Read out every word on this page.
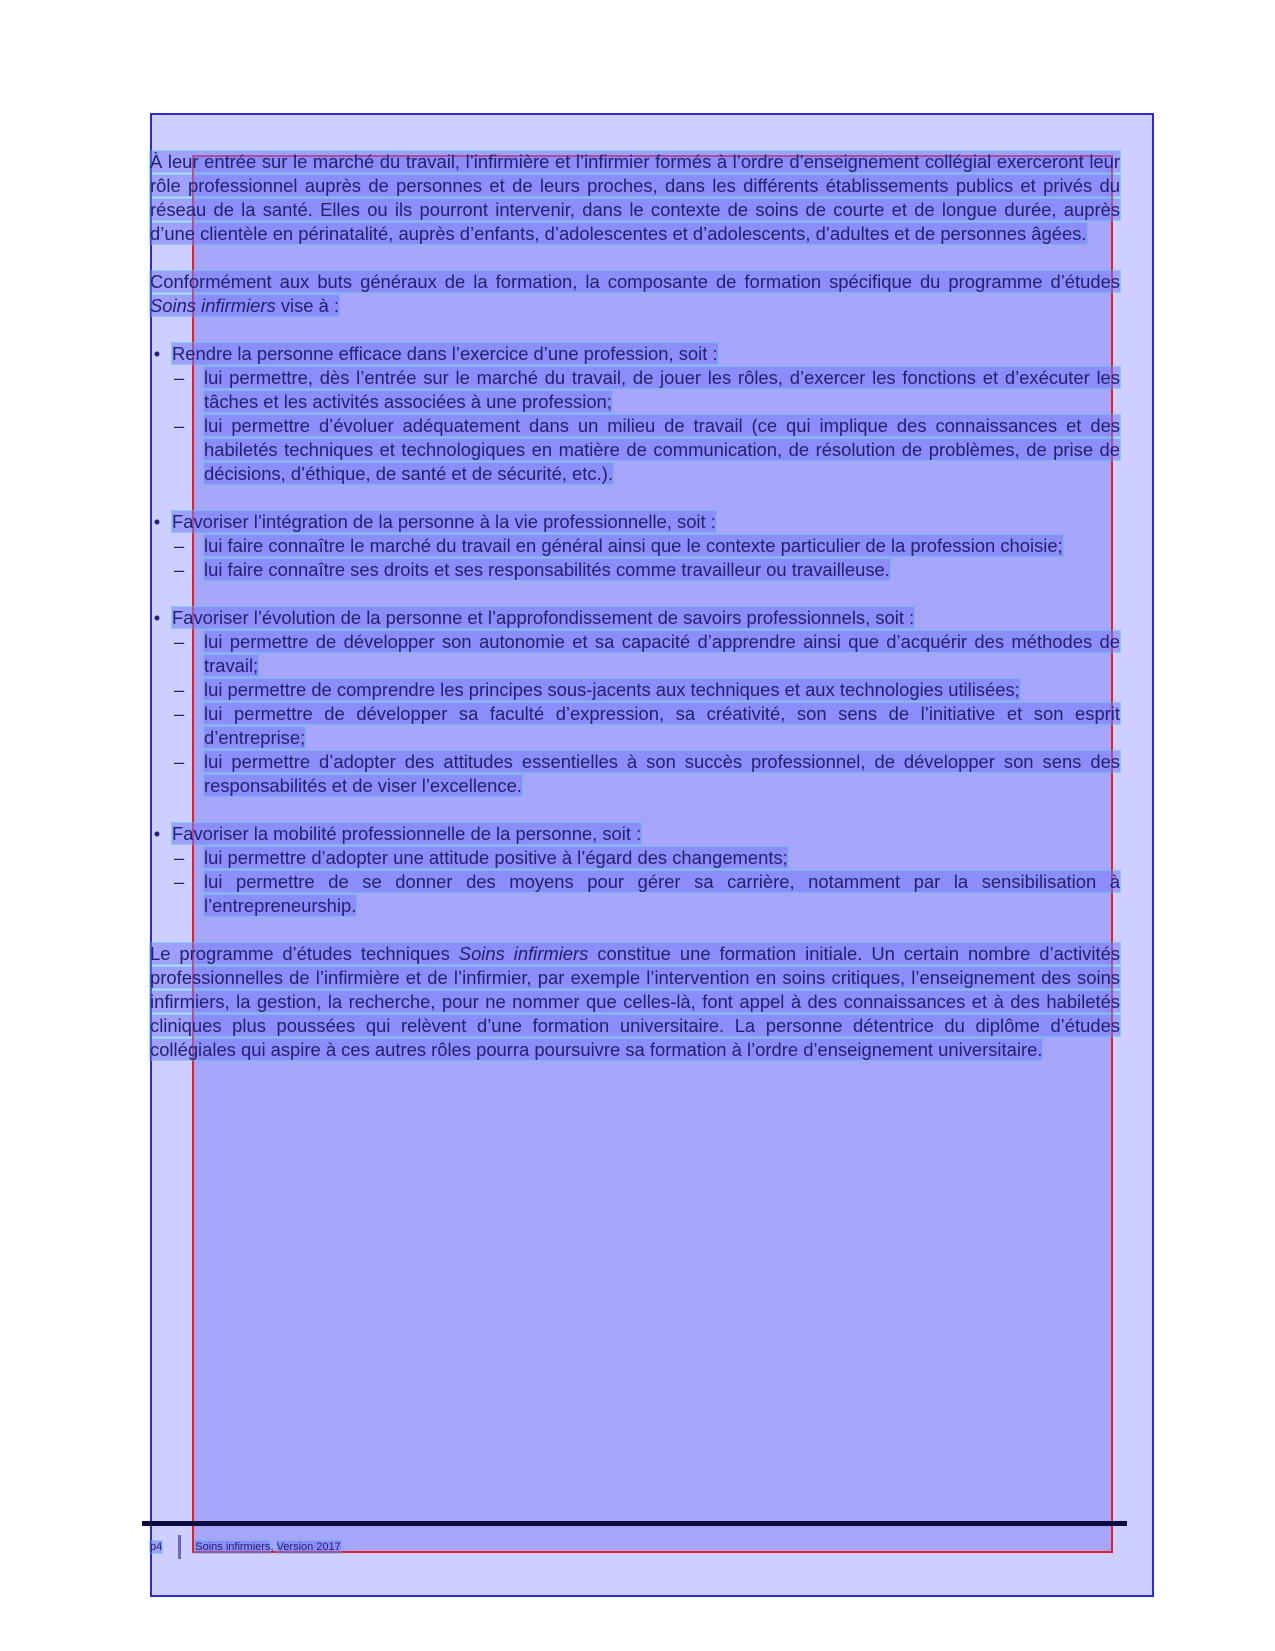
À leur entrée sur le marché du travail, l’infirmière et l’infirmier formés à l’ordre d’enseignement collégial exerceront leur rôle professionnel auprès de personnes et de leurs proches, dans les différents établissements publics et privés du réseau de la santé. Elles ou ils pourront intervenir, dans le contexte de soins de courte et de longue durée, auprès d’une clientèle en périnatalité, auprès d’enfants, d’adolescentes et d’adolescents, d’adultes et de personnes âgées.

Conformément aux buts généraux de la formation, la composante de formation spécifique du programme d’études Soins infirmiers vise à :

• Rendre la personne efficace dans l’exercice d’une profession, soit :
– lui permettre, dès l’entrée sur le marché du travail, de jouer les rôles, d’exercer les fonctions et d’exécuter les tâches et les activités associées à une profession;
– lui permettre d’évoluer adéquatement dans un milieu de travail (ce qui implique des connaissances et des habiletés techniques et technologiques en matière de communication, de résolution de problèmes, de prise de décisions, d’éthique, de santé et de sécurité, etc.).
• Favoriser l’intégration de la personne à la vie professionnelle, soit :
– lui faire connaître le marché du travail en général ainsi que le contexte particulier de la profession choisie;
– lui faire connaître ses droits et ses responsabilités comme travailleur ou travailleuse.
• Favoriser l’évolution de la personne et l’approfondissement de savoirs professionnels, soit :
– lui permettre de développer son autonomie et sa capacité d’apprendre ainsi que d’acquérir des méthodes de travail;
– lui permettre de comprendre les principes sous-jacents aux techniques et aux technologies utilisées;
– lui permettre de développer sa faculté d’expression, sa créativité, son sens de l’initiative et son esprit d’entreprise;
– lui permettre d’adopter des attitudes essentielles à son succès professionnel, de développer son sens des responsabilités et de viser l’excellence.
• Favoriser la mobilité professionnelle de la personne, soit :
– lui permettre d’adopter une attitude positive à l’égard des changements;
– lui permettre de se donner des moyens pour gérer sa carrière, notamment par la sensibilisation à l’entrepreneurship.

Le programme d’études techniques Soins infirmiers constitue une formation initiale. Un certain nombre d’activités professionnelles de l’infirmière et de l’infirmier, par exemple l’intervention en soins critiques, l’enseignement des soins infirmiers, la gestion, la recherche, pour ne nommer que celles-là, font appel à des connaissances et à des habiletés cliniques plus poussées qui relèvent d’une formation universitaire. La personne détentrice du diplôme d’études collégiales qui aspire à ces autres rôles pourra poursuivre sa formation à l’ordre d’enseignement universitaire.

p4	Soins infirmiers, Version 2017
